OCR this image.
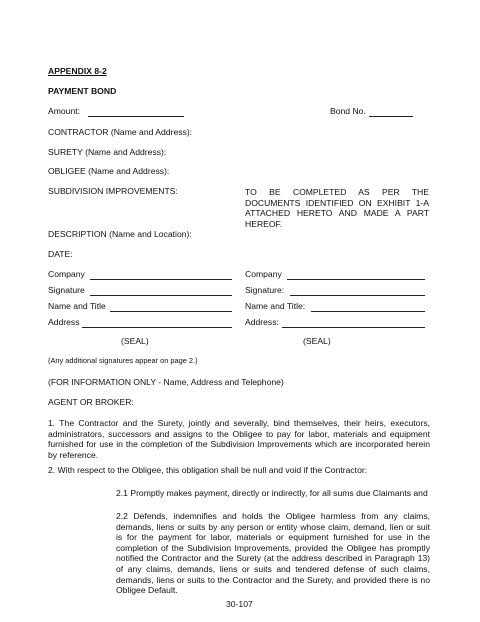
APPENDIX 8-2
PAYMENT BOND
Amount:	Bond No.
CONTRACTOR (Name and Address):
SURETY (Name and Address):
OBLIGEE (Name and Address):
SUBDIVISION IMPROVEMENTS:	TO BE COMPLETED AS PER THE DOCUMENTS IDENTIFIED ON EXHIBIT 1-A ATTACHED HERETO AND MADE A PART HEREOF.
DESCRIPTION (Name and Location):
DATE:
Company
Signature
Name and Title
Address
(SEAL)
Company
Signature:
Name and Title:
Address:
(SEAL)
(Any additional signatures appear on page 2.)
(FOR INFORMATION ONLY - Name, Address and Telephone)
AGENT OR BROKER:
1. The Contractor and the Surety, jointly and severally, bind themselves, their heirs, executors, administrators, successors and assigns to the Obligee to pay for labor, materials and equipment furnished for use in the completion of the Subdivision Improvements which are incorporated herein by reference.
2. With respect to the Obligee, this obligation shall be null and void if the Contractor:
2.1 Promptly makes payment, directly or indirectly, for all sums due Claimants and
2.2 Defends, indemnifies and holds the Obligee harmless from any claims, demands, liens or suits by any person or entity whose claim, demand, lien or suit is for the payment for labor, materials or equipment furnished for use in the completion of the Subdivision Improvements, provided the Obligee has promptly notified the Contractor and the Surety (at the address described in Paragraph 13) of any claims, demands, liens or suits and tendered defense of such claims, demands, liens or suits to the Contractor and the Surety, and provided there is no Obligee Default.
30-107
